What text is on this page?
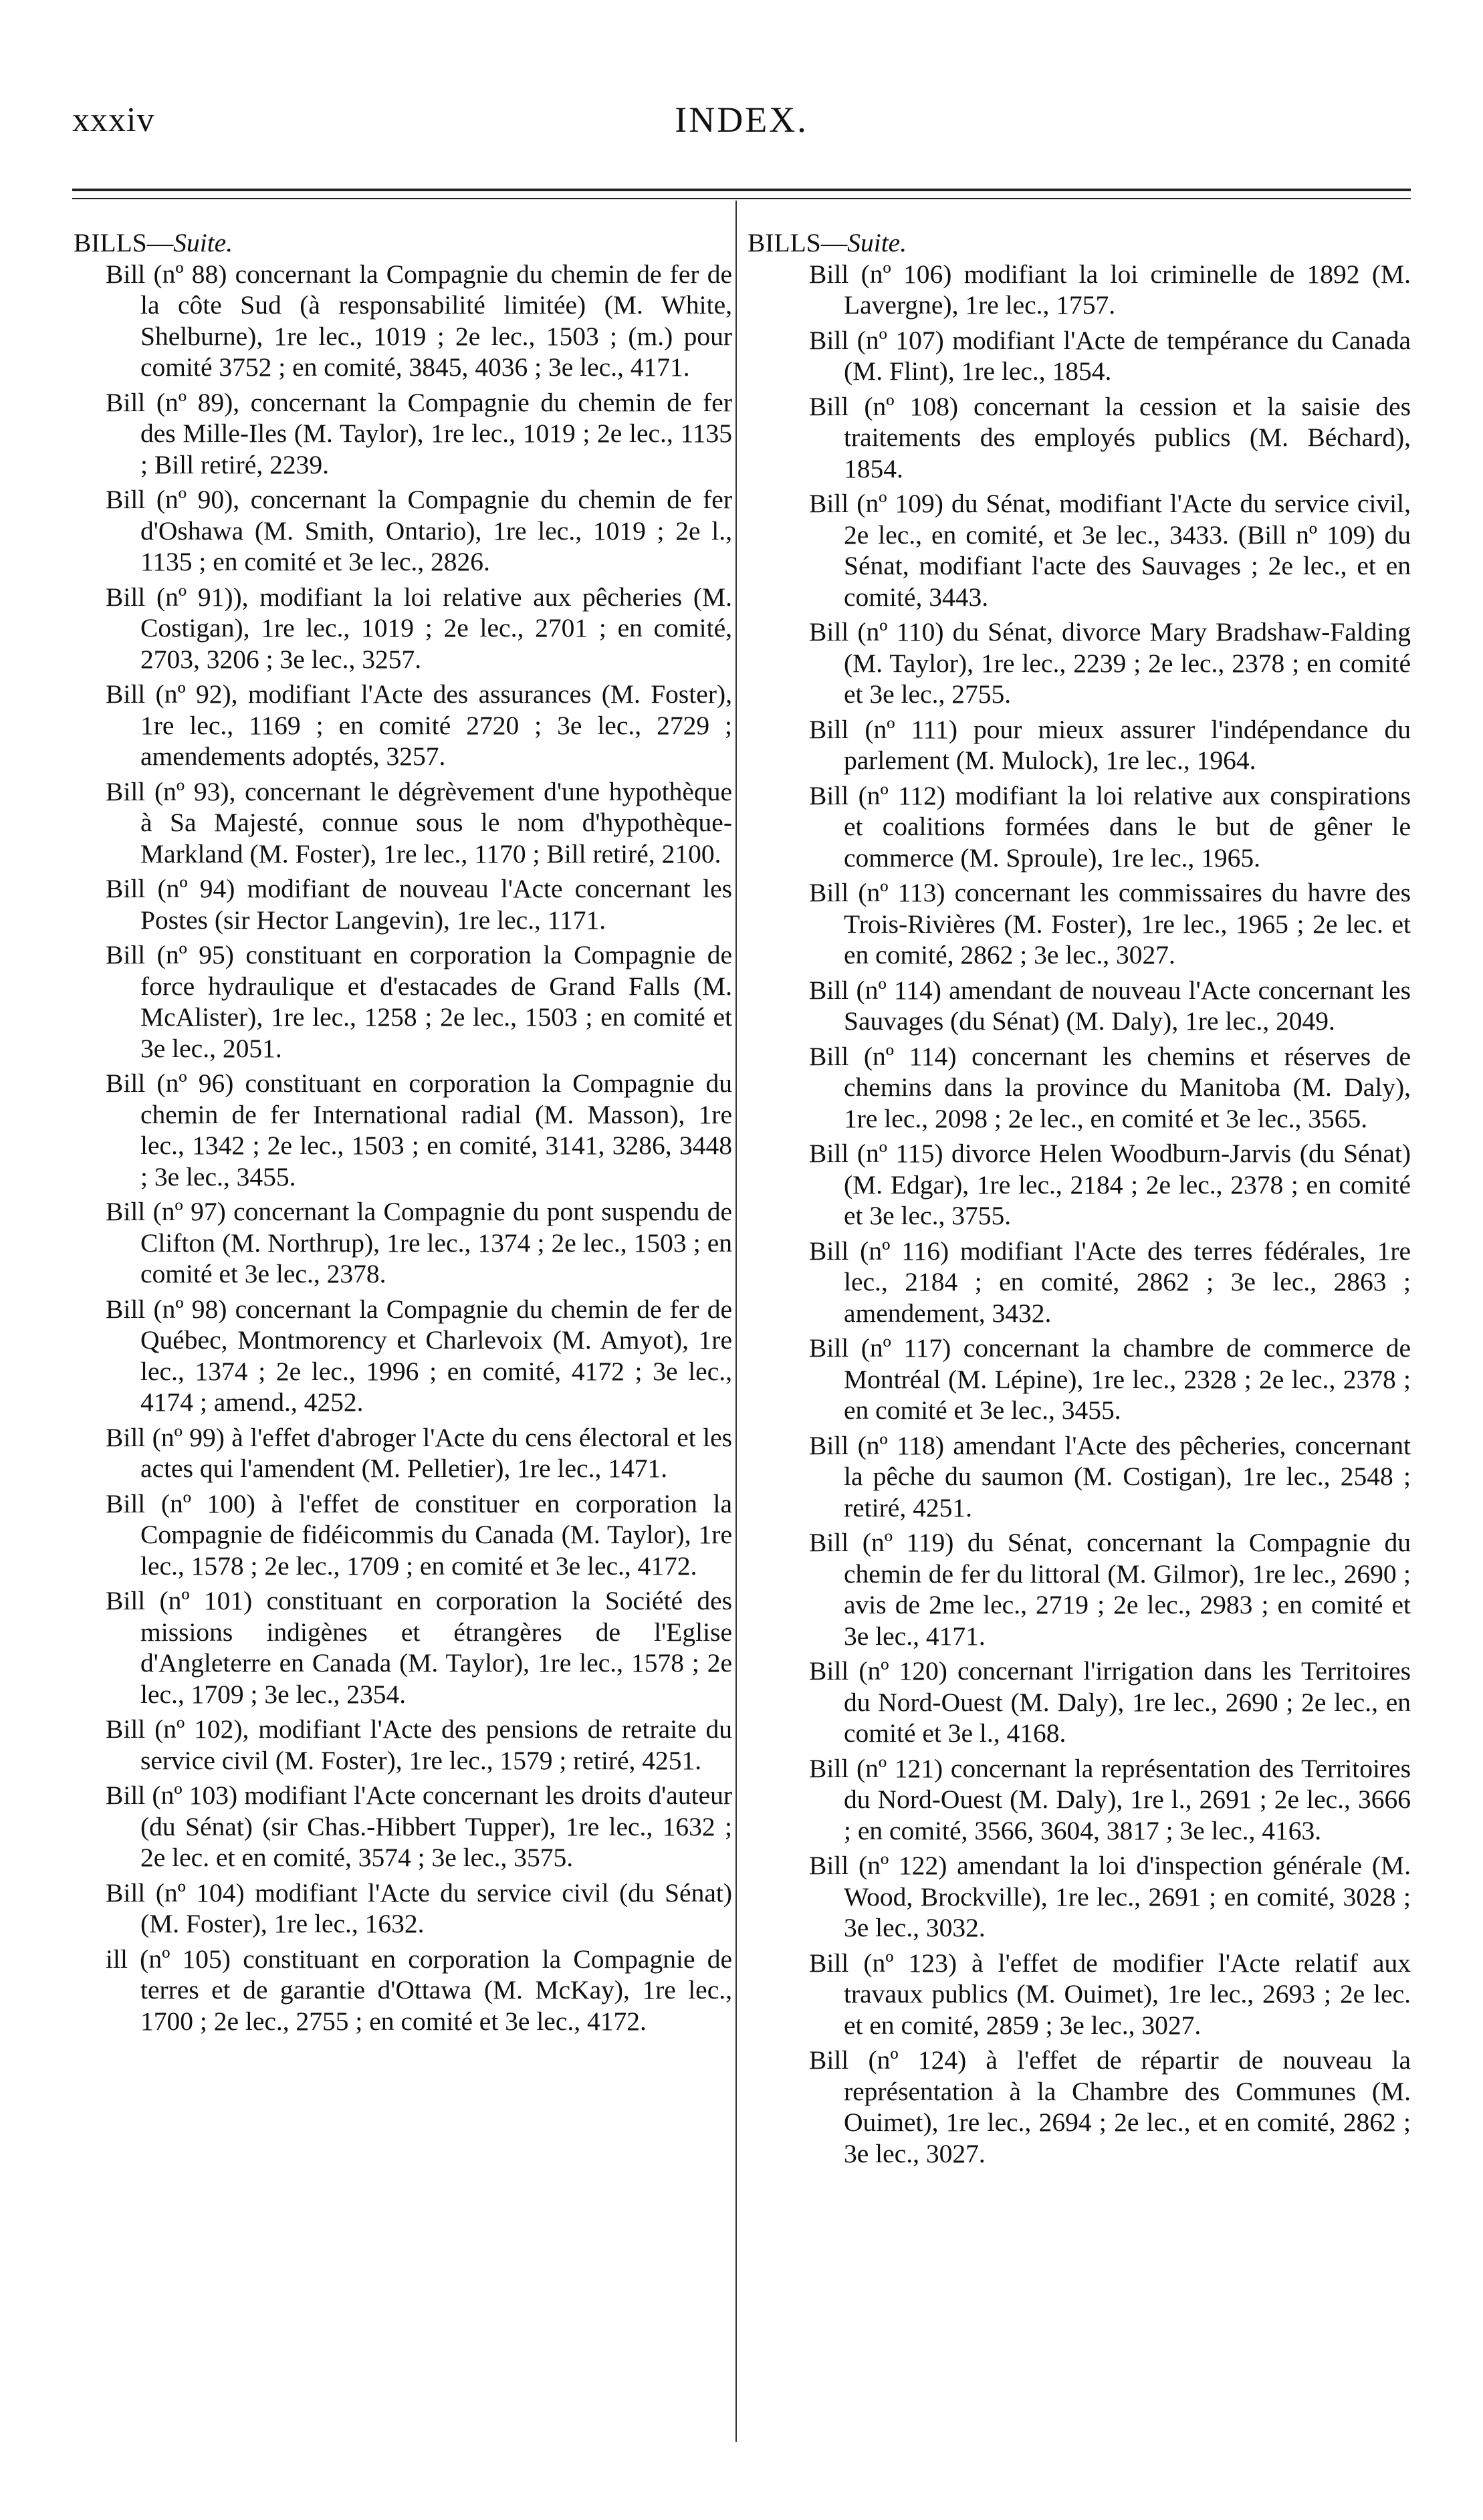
xxxiv	INDEX.
BILLS—Suite.
Bill (nº 88) concernant la Compagnie du chemin de fer de la côte Sud (à responsabilité limitée) (M. White, Shelburne), 1re lec., 1019 ; 2e lec., 1503 ; (m.) pour comité 3752 ; en comité, 3845, 4036 ; 3e lec., 4171.
Bill (nº 89), concernant la Compagnie du chemin de fer des Mille-Iles (M. Taylor), 1re lec., 1019 ; 2e lec., 1135 ; Bill retiré, 2239.
Bill (nº 90), concernant la Compagnie du chemin de fer d'Oshawa (M. Smith, Ontario), 1re lec., 1019 ; 2e l., 1135 ; en comité et 3e lec., 2826.
Bill (nº 91)), modifiant la loi relative aux pêcheries (M. Costigan), 1re lec., 1019 ; 2e lec., 2701 ; en comité, 2703, 3206 ; 3e lec., 3257.
Bill (nº 92), modifiant l'Acte des assurances (M. Foster), 1re lec., 1169 ; en comité 2720 ; 3e lec., 2729 ; amendements adoptés, 3257.
Bill (nº 93), concernant le dégrèvement d'une hypothèque à Sa Majesté, connue sous le nom d'hypothèque-Markland (M. Foster), 1re lec., 1170 ; Bill retiré, 2100.
Bill (nº 94) modifiant de nouveau l'Acte concernant les Postes (sir Hector Langevin), 1re lec., 1171.
Bill (nº 95) constituant en corporation la Compagnie de force hydraulique et d'estacades de Grand Falls (M. McAlister), 1re lec., 1258 ; 2e lec., 1503 ; en comité et 3e lec., 2051.
Bill (nº 96) constituant en corporation la Compagnie du chemin de fer International radial (M. Masson), 1re lec., 1342 ; 2e lec., 1503 ; en comité, 3141, 3286, 3448 ; 3e lec., 3455.
Bill (nº 97) concernant la Compagnie du pont suspendu de Clifton (M. Northrup), 1re lec., 1374 ; 2e lec., 1503 ; en comité et 3e lec., 2378.
Bill (nº 98) concernant la Compagnie du chemin de fer de Québec, Montmorency et Charlevoix (M. Amyot), 1re lec., 1374 ; 2e lec., 1996 ; en comité, 4172 ; 3e lec., 4174 ; amend., 4252.
Bill (nº 99) à l'effet d'abroger l'Acte du cens électoral et les actes qui l'amendent (M. Pelletier), 1re lec., 1471.
Bill (nº 100) à l'effet de constituer en corporation la Compagnie de fidéicommis du Canada (M. Taylor), 1re lec., 1578 ; 2e lec., 1709 ; en comité et 3e lec., 4172.
Bill (nº 101) constituant en corporation la Société des missions indigènes et étrangères de l'Eglise d'Angleterre en Canada (M. Taylor), 1re lec., 1578 ; 2e lec., 1709 ; 3e lec., 2354.
Bill (nº 102), modifiant l'Acte des pensions de retraite du service civil (M. Foster), 1re lec., 1579 ; retiré, 4251.
Bill (nº 103) modifiant l'Acte concernant les droits d'auteur (du Sénat) (sir Chas.-Hibbert Tupper), 1re lec., 1632 ; 2e lec. et en comité, 3574 ; 3e lec., 3575.
Bill (nº 104) modifiant l'Acte du service civil (du Sénat) (M. Foster), 1re lec., 1632.
ill (nº 105) constituant en corporation la Compagnie de terres et de garantie d'Ottawa (M. McKay), 1re lec., 1700 ; 2e lec., 2755 ; en comité et 3e lec., 4172.
BILLS—Suite.
Bill (nº 106) modifiant la loi criminelle de 1892 (M. Lavergne), 1re lec., 1757.
Bill (nº 107) modifiant l'Acte de tempérance du Canada (M. Flint), 1re lec., 1854.
Bill (nº 108) concernant la cession et la saisie des traitements des employés publics (M. Béchard), 1854.
Bill (nº 109) du Sénat, modifiant l'Acte du service civil, 2e lec., en comité, et 3e lec., 3433. (Bill nº 109) du Sénat, modifiant l'acte des Sauvages ; 2e lec., et en comité, 3443.
Bill (nº 110) du Sénat, divorce Mary Bradshaw-Falding (M. Taylor), 1re lec., 2239 ; 2e lec., 2378 ; en comité et 3e lec., 2755.
Bill (nº 111) pour mieux assurer l'indépendance du parlement (M. Mulock), 1re lec., 1964.
Bill (nº 112) modifiant la loi relative aux conspirations et coalitions formées dans le but de gêner le commerce (M. Sproule), 1re lec., 1965.
Bill (nº 113) concernant les commissaires du havre des Trois-Rivières (M. Foster), 1re lec., 1965 ; 2e lec. et en comité, 2862 ; 3e lec., 3027.
Bill (nº 114) amendant de nouveau l'Acte concernant les Sauvages (du Sénat) (M. Daly), 1re lec., 2049.
Bill (nº 114) concernant les chemins et réserves de chemins dans la province du Manitoba (M. Daly), 1re lec., 2098 ; 2e lec., en comité et 3e lec., 3565.
Bill (nº 115) divorce Helen Woodburn-Jarvis (du Sénat) (M. Edgar), 1re lec., 2184 ; 2e lec., 2378 ; en comité et 3e lec., 3755.
Bill (nº 116) modifiant l'Acte des terres fédérales, 1re lec., 2184 ; en comité, 2862 ; 3e lec., 2863 ; amendement, 3432.
Bill (nº 117) concernant la chambre de commerce de Montréal (M. Lépine), 1re lec., 2328 ; 2e lec., 2378 ; en comité et 3e lec., 3455.
Bill (nº 118) amendant l'Acte des pêcheries, concernant la pêche du saumon (M. Costigan), 1re lec., 2548 ; retiré, 4251.
Bill (nº 119) du Sénat, concernant la Compagnie du chemin de fer du littoral (M. Gilmor), 1re lec., 2690 ; avis de 2me lec., 2719 ; 2e lec., 2983 ; en comité et 3e lec., 4171.
Bill (nº 120) concernant l'irrigation dans les Territoires du Nord-Ouest (M. Daly), 1re lec., 2690 ; 2e lec., en comité et 3e l., 4168.
Bill (nº 121) concernant la représentation des Territoires du Nord-Ouest (M. Daly), 1re l., 2691 ; 2e lec., 3666 ; en comité, 3566, 3604, 3817 ; 3e lec., 4163.
Bill (nº 122) amendant la loi d'inspection générale (M. Wood, Brockville), 1re lec., 2691 ; en comité, 3028 ; 3e lec., 3032.
Bill (nº 123) à l'effet de modifier l'Acte relatif aux travaux publics (M. Ouimet), 1re lec., 2693 ; 2e lec. et en comité, 2859 ; 3e lec., 3027.
Bill (nº 124) à l'effet de répartir de nouveau la représentation à la Chambre des Communes (M. Ouimet), 1re lec., 2694 ; 2e lec., et en comité, 2862 ; 3e lec., 3027.
